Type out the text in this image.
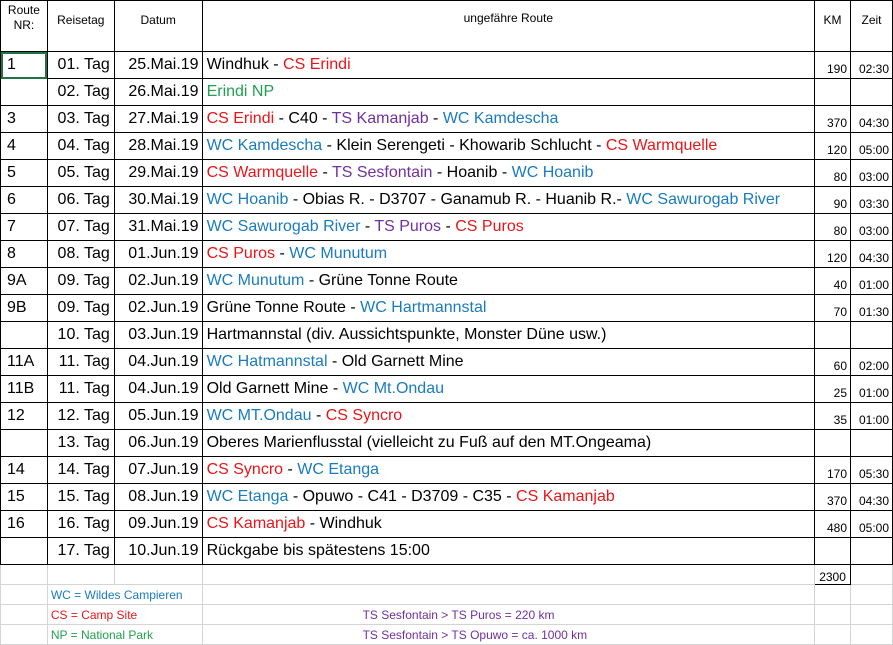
Route
NR:	Reisetag	Datum	ungefähre Route	KM	Zeit
1	01. Tag	25.Mai.19	Windhuk - CS Erindi	190	02:30
	02. Tag	26.Mai.19	Erindi NP		
3	03. Tag	27.Mai.19	CS Erindi - C40 - TS Kamanjab - WC Kamdescha	370	04:30
4	04. Tag	28.Mai.19	WC Kamdescha - Klein Serengeti - Khowarib Schlucht - CS Warmquelle	120	05:00
5	05. Tag	29.Mai.19	CS Warmquelle - TS Sesfontain - Hoanib - WC Hoanib	80	03:00
6	06. Tag	30.Mai.19	WC Hoanib - Obias R. - D3707 - Ganamub R. - Huanib R.- WC Sawurogab River	90	03:30
7	07. Tag	31.Mai.19	WC Sawurogab River - TS Puros - CS Puros	80	03:00
8	08. Tag	01.Jun.19	CS Puros - WC Munutum	120	04:30
9A	09. Tag	02.Jun.19	WC Munutum - Grüne Tonne Route	40	01:00
9B	09. Tag	02.Jun.19	Grüne Tonne Route - WC Hartmannstal	70	01:30
	10. Tag	03.Jun.19	Hartmannstal (div. Aussichtspunkte, Monster Düne usw.)		
11A	11. Tag	04.Jun.19	WC Hatmannstal - Old Garnett Mine	60	02:00
11B	11. Tag	04.Jun.19	Old Garnett Mine - WC Mt.Ondau	25	01:00
12	12. Tag	05.Jun.19	WC MT.Ondau - CS Syncro	35	01:00
	13. Tag	06.Jun.19	Oberes Marienflusstal (vielleicht zu Fuß auf den MT.Ongeama)		
14	14. Tag	07.Jun.19	CS Syncro - WC Etanga	170	05:30
15	15. Tag	08.Jun.19	WC Etanga - Opuwo - C41 - D3709 - C35 - CS Kamanjab	370	04:30
16	16. Tag	09.Jun.19	CS Kamanjab - Windhuk	480	05:00
	17. Tag	10.Jun.19	Rückgabe bis spätestens 15:00		
				2300	
	WC = Wildes Campieren				
	CS = Camp Site		TS Sesfontain > TS Puros = 220 km		
	NP = National Park		TS Sesfontain > TS Opuwo = ca. 1000 km		
